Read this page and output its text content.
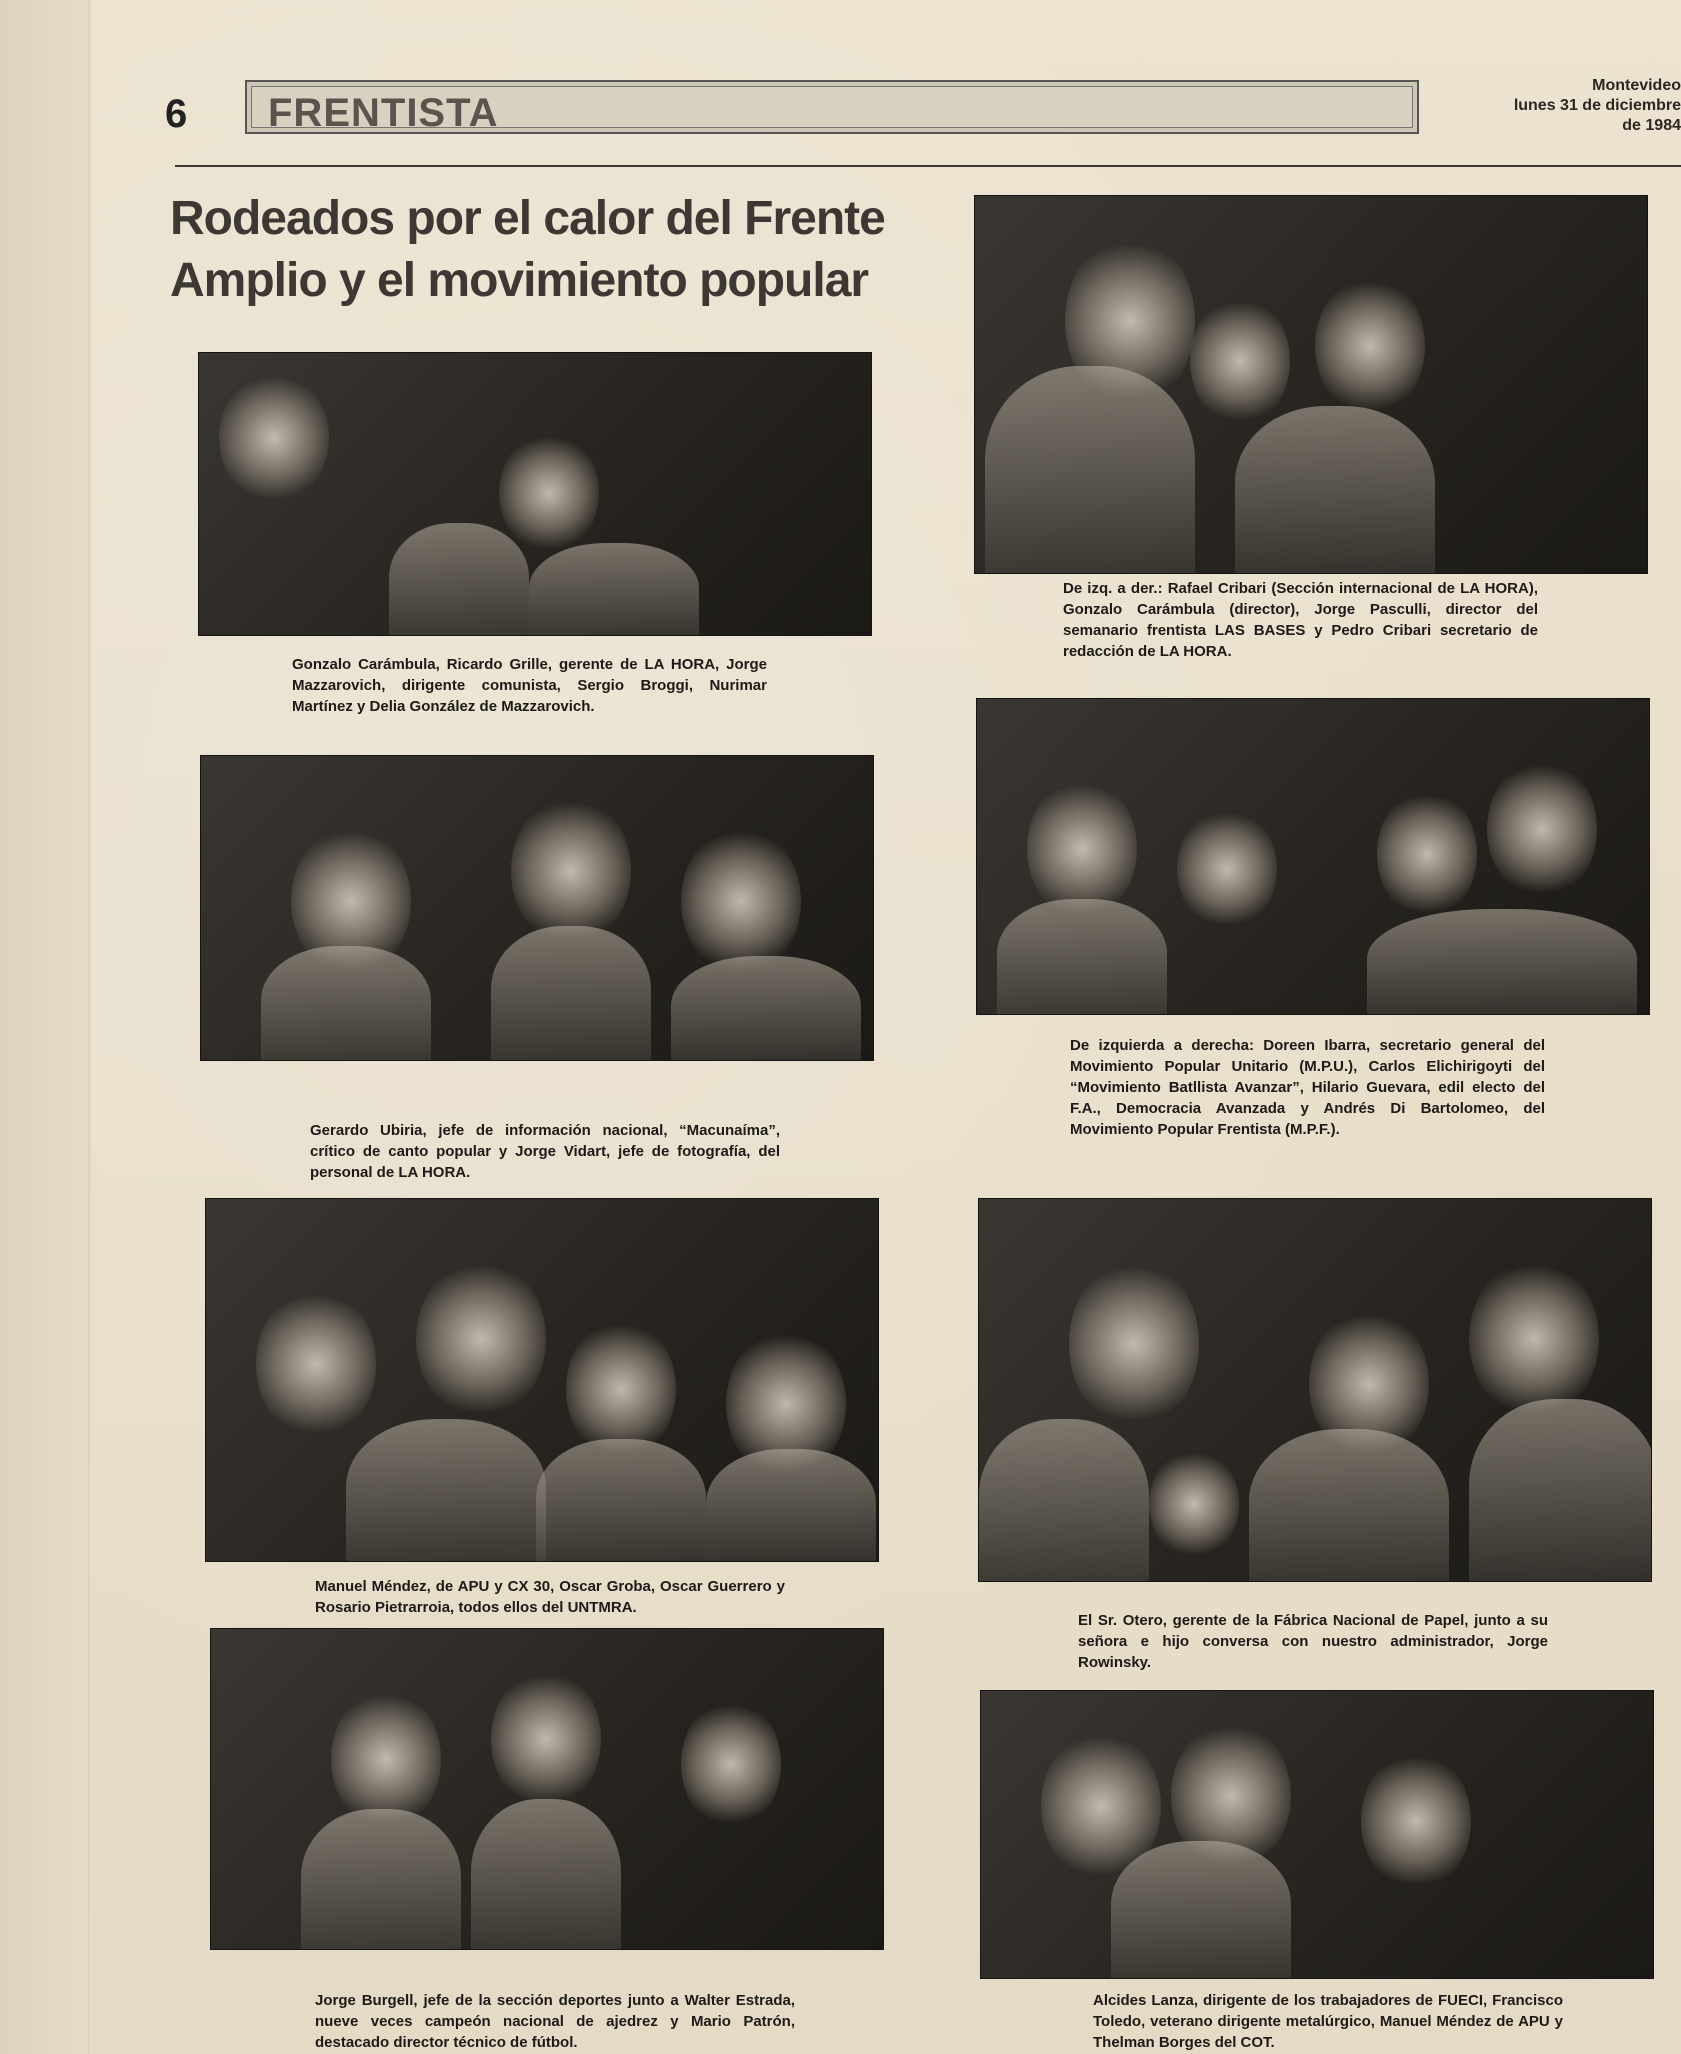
6 FRENTISTA
Montevideo
lunes 31 de diciembre
de 1984
Rodeados por el calor del Frente Amplio y el movimiento popular
Gonzalo Carámbula, Ricardo Grille, gerente de LA HORA, Jorge Mazzarovich, dirigente comunista, Sergio Broggi, Nurimar Martínez y Delia González de Mazzarovich.
Gerardo Ubiria, jefe de información nacional, “Macunaíma”, crítico de canto popular y Jorge Vidart, jefe de fotografía, del personal de LA HORA.
Manuel Méndez, de APU y CX 30, Oscar Groba, Oscar Guerrero y Rosario Pietrarroia, todos ellos del UNTMRA.
Jorge Burgell, jefe de la sección deportes junto a Walter Estrada, nueve veces campeón nacional de ajedrez y Mario Patrón, destacado director técnico de fútbol.
De izq. a der.: Rafael Cribari (Sección internacional de LA HORA), Gonzalo Carámbula (director), Jorge Pasculli, director del semanario frentista LAS BASES y Pedro Cribari secretario de redacción de LA HORA.
De izquierda a derecha: Doreen Ibarra, secretario general del Movimiento Popular Unitario (M.P.U.), Carlos Elichirigoyti del “Movimiento Batllista Avanzar”, Hilario Guevara, edil electo del F.A., Democracia Avanzada y Andrés Di Bartolomeo, del Movimiento Popular Frentista (M.P.F.).
El Sr. Otero, gerente de la Fábrica Nacional de Papel, junto a su señora e hijo conversa con nuestro administrador, Jorge Rowinsky.
Alcides Lanza, dirigente de los trabajadores de FUECI, Francisco Toledo, veterano dirigente metalúrgico, Manuel Méndez de APU y Thelman Borges del COT.
